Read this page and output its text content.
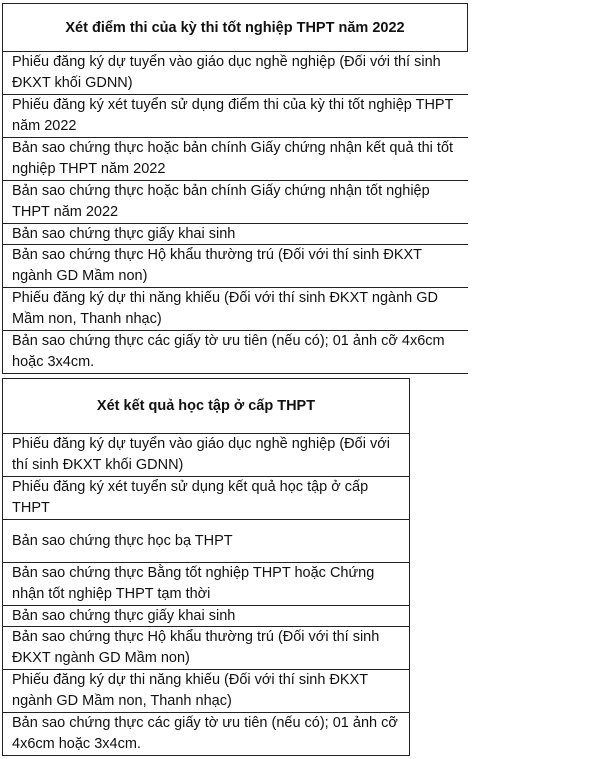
Xét điểm thi của kỳ thi tốt nghiệp THPT năm 2022
Phiếu đăng ký dự tuyển vào giáo dục nghề nghiệp (Đối với thí sinh ĐKXT khối GDNN)
Phiếu đăng ký xét tuyển sử dụng điểm thi của kỳ thi tốt nghiệp THPT năm 2022
Bản sao chứng thực hoặc bản chính Giấy chứng nhận kết quả thi tốt nghiệp THPT năm 2022
Bản sao chứng thực hoặc bản chính Giấy chứng nhận tốt nghiệp THPT năm 2022
Bản sao chứng thực giấy khai sinh
Bản sao chứng thực Hộ khẩu thường trú (Đối với thí sinh ĐKXT ngành GD Mầm non)
Phiếu đăng ký dự thi năng khiếu (Đối với thí sinh ĐKXT ngành GD Mầm non, Thanh nhạc)
Bản sao chứng thực các giấy tờ ưu tiên (nếu có); 01 ảnh cỡ 4x6cm hoặc 3x4cm.
Xét kết quả học tập ở cấp THPT
Phiếu đăng ký dự tuyển vào giáo dục nghề nghiệp (Đối với thí sinh ĐKXT khối GDNN)
Phiếu đăng ký xét tuyển sử dụng kết quả học tập ở cấp THPT
Bản sao chứng thực học bạ THPT
Bản sao chứng thực Bằng tốt nghiệp THPT hoặc Chứng nhận tốt nghiệp THPT tạm thời
Bản sao chứng thực giấy khai sinh
Bản sao chứng thực Hộ khẩu thường trú (Đối với thí sinh ĐKXT ngành GD Mầm non)
Phiếu đăng ký dự thi năng khiếu (Đối với thí sinh ĐKXT ngành GD Mầm non, Thanh nhạc)
Bản sao chứng thực các giấy tờ ưu tiên (nếu có); 01 ảnh cỡ 4x6cm hoặc 3x4cm.
